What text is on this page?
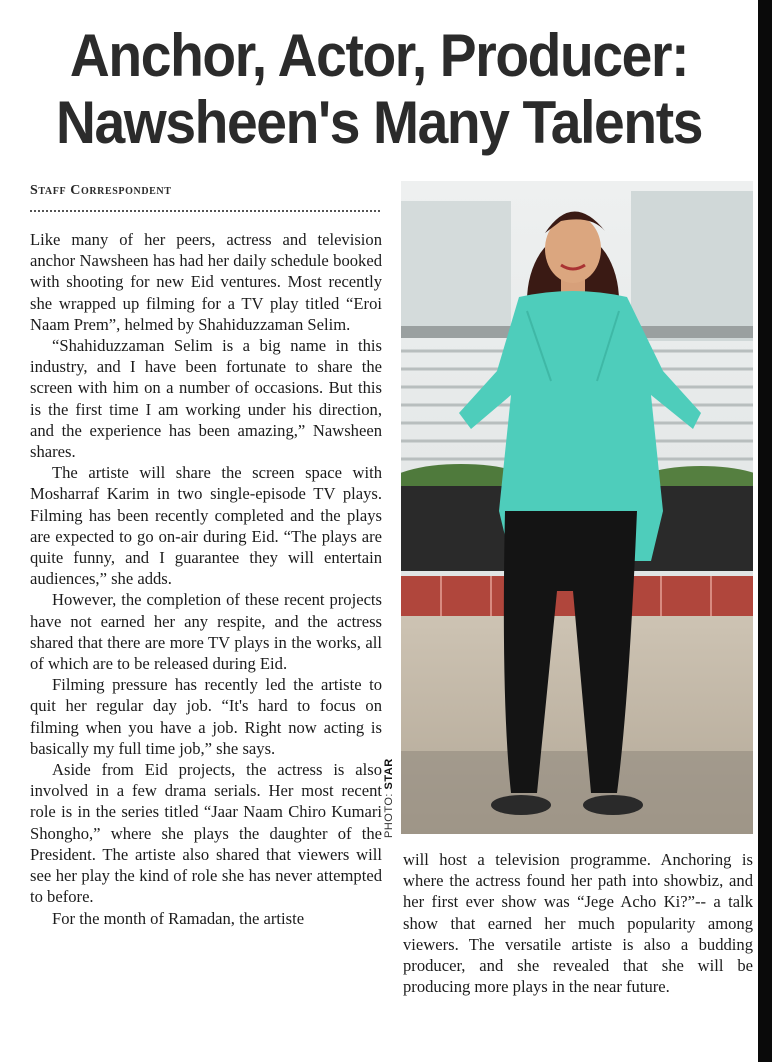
Anchor, Actor, Producer:
Nawsheen's Many Talents
Staff Correspondent

Like many of her peers, actress and television anchor Nawsheen has had her daily schedule booked with shooting for new Eid ventures. Most recently she wrapped up filming for a TV play titled “Eroi Naam Prem”, helmed by Shahiduzzaman Selim.

“Shahiduzzaman Selim is a big name in this industry, and I have been fortunate to share the screen with him on a number of occasions. But this is the first time I am working under his direction, and the experience has been amazing,” Nawsheen shares.

The artiste will share the screen space with Mosharraf Karim in two single-episode TV plays. Filming has been recently completed and the plays are expected to go on-air during Eid. “The plays are quite funny, and I guarantee they will entertain audiences,” she adds.

However, the completion of these recent projects have not earned her any respite, and the actress shared that there are more TV plays in the works, all of which are to be released during Eid.

Filming pressure has recently led the artiste to quit her regular day job. “It's hard to focus on filming when you have a job. Right now acting is basically my full time job,” she says.

Aside from Eid projects, the actress is also involved in a few drama serials. Her most recent role is in the series titled “Jaar Naam Chiro Kumari Shongho,” where she plays the daughter of the President. The artiste also shared that viewers will see her play the kind of role she has never attempted to before.

For the month of Ramadan, the artiste

PHOTO: STAR

will host a television programme. Anchoring is where the actress found her path into showbiz, and her first ever show was “Jege Acho Ki?”-- a talk show that earned her much popularity among viewers. The versatile artiste is also a budding producer, and she revealed that she will be producing more plays in the near future.
